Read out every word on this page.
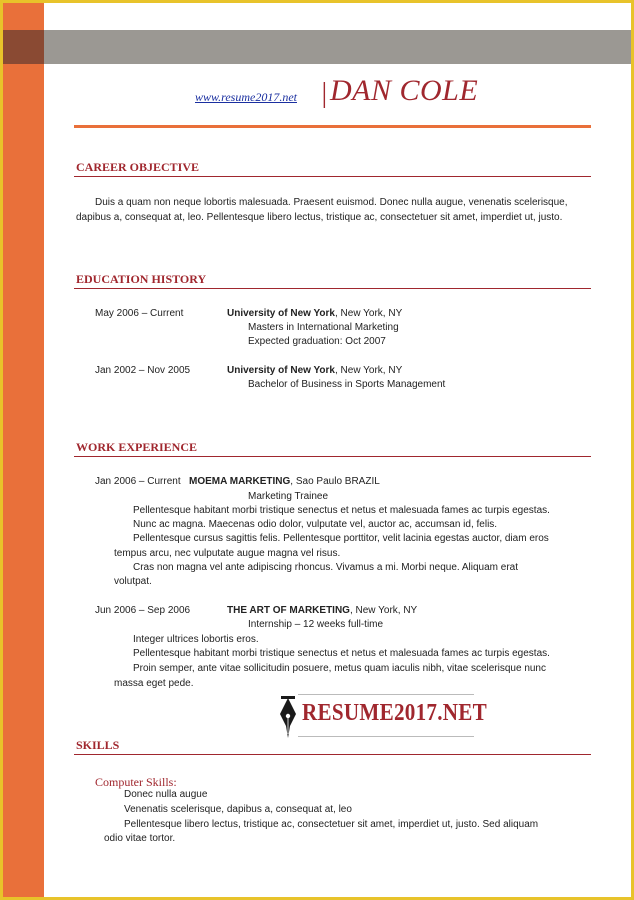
www.resume2017.net | DAN COLE
CAREER OBJECTIVE
Duis a quam non neque lobortis malesuada. Praesent euismod. Donec nulla augue, venenatis scelerisque, dapibus a, consequat at, leo. Pellentesque libero lectus, tristique ac, consectetuer sit amet, imperdiet ut, justo.
EDUCATION HISTORY
May 2006 – Current	University of New York, New York, NY
Masters in International Marketing
Expected graduation: Oct 2007
Jan 2002 – Nov 2005	University of New York, New York, NY
Bachelor of Business in Sports Management
WORK EXPERIENCE
Jan 2006 – Current MOEMA MARKETING, Sao Paulo BRAZIL
Marketing Trainee
Pellentesque habitant morbi tristique senectus et netus et malesuada fames ac turpis egestas.
Nunc ac magna. Maecenas odio dolor, vulputate vel, auctor ac, accumsan id, felis.
Pellentesque cursus sagittis felis. Pellentesque porttitor, velit lacinia egestas auctor, diam eros
tempus arcu, nec vulputate augue magna vel risus.
Cras non magna vel ante adipiscing rhoncus. Vivamus a mi. Morbi neque. Aliquam erat
volutpat.
Jun 2006 – Sep 2006	THE ART OF MARKETING, New York, NY
Internship – 12 weeks full-time
Integer ultrices lobortis eros.
Pellentesque habitant morbi tristique senectus et netus et malesuada fames ac turpis egestas.
Proin semper, ante vitae sollicitudin posuere, metus quam iaculis nibh, vitae scelerisque nunc
massa eget pede.
RESUME2017.NET
SKILLS
Computer Skills:
Donec nulla augue
Venenatis scelerisque, dapibus a, consequat at, leo
Pellentesque libero lectus, tristique ac, consectetuer sit amet, imperdiet ut, justo. Sed aliquam
odio vitae tortor.
